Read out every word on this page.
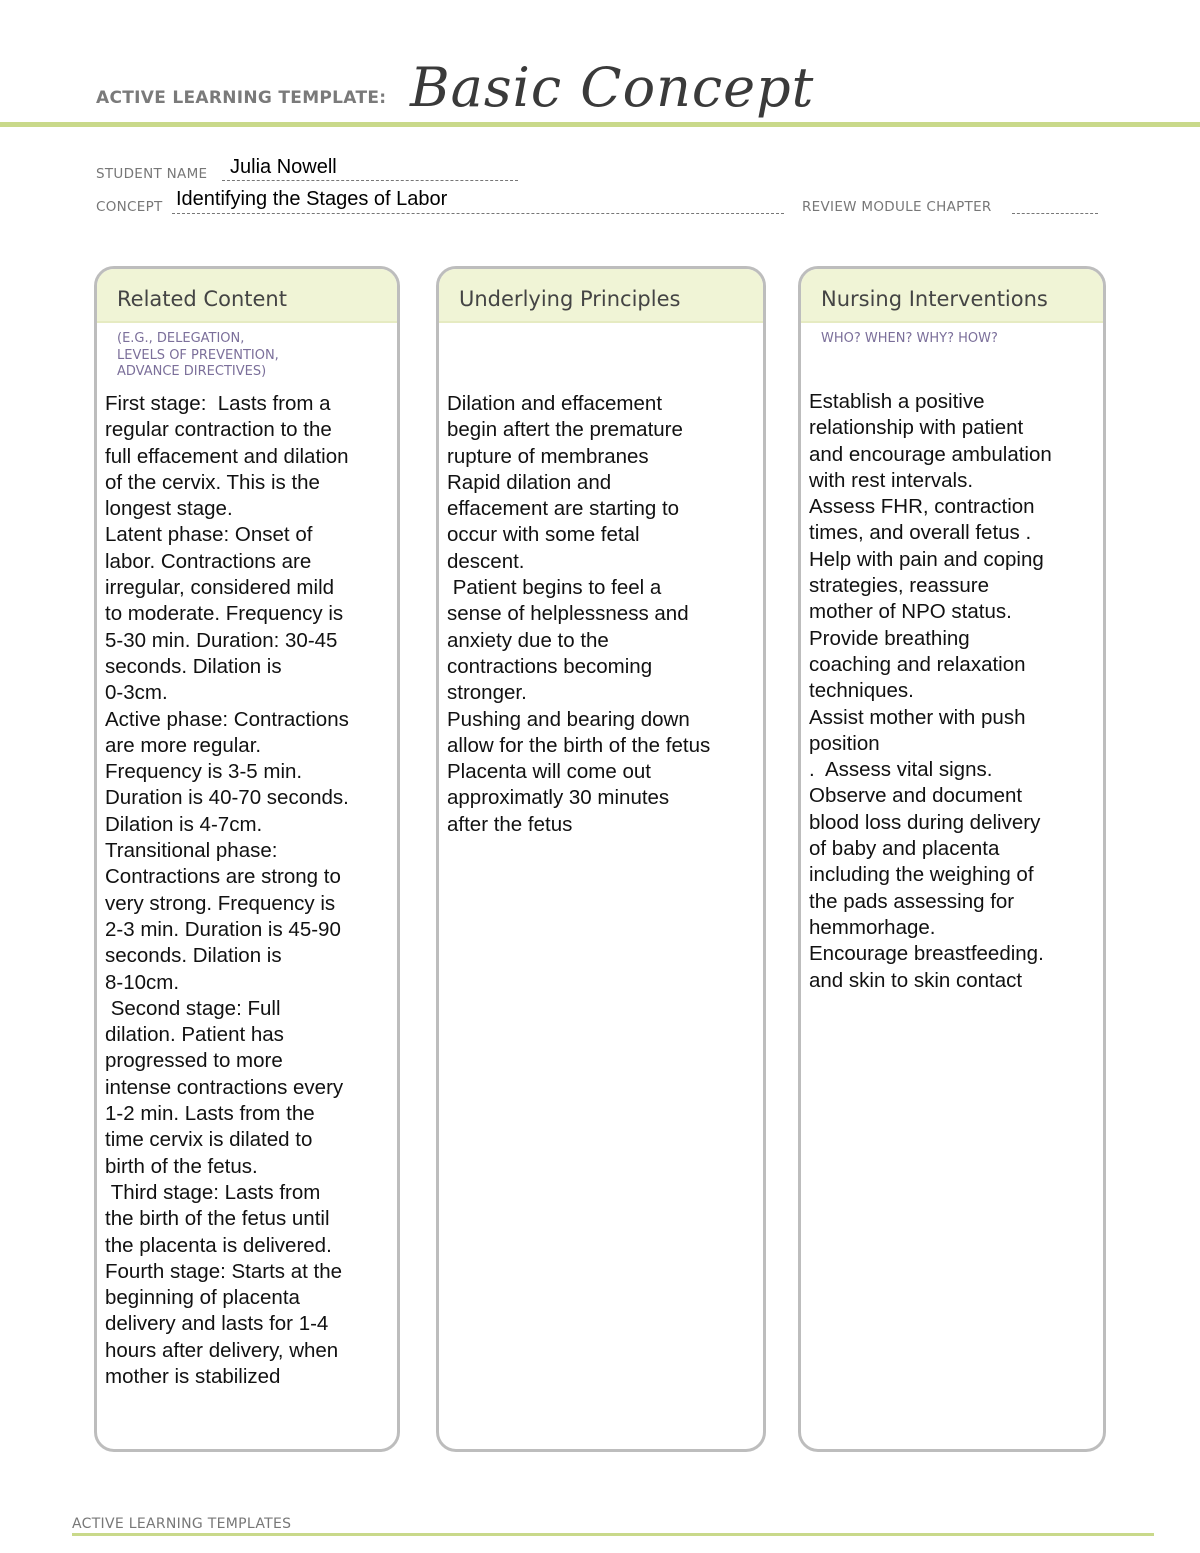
ACTIVE LEARNING TEMPLATE: Basic Concept
STUDENT NAME Julia Nowell
CONCEPT Identifying the Stages of Labor	REVIEW MODULE CHAPTER
Related Content
(E.G., DELEGATION,
LEVELS OF PREVENTION,
ADVANCE DIRECTIVES)
First stage:  Lasts from a
regular contraction to the
full effacement and dilation
of the cervix. This is the
longest stage.
Latent phase: Onset of
labor. Contractions are
irregular, considered mild
to moderate. Frequency is
5-30 min. Duration: 30-45
seconds. Dilation is
0-3cm.
Active phase: Contractions
are more regular.
Frequency is 3-5 min.
Duration is 40-70 seconds.
Dilation is 4-7cm.
Transitional phase:
Contractions are strong to
very strong. Frequency is
2-3 min. Duration is 45-90
seconds. Dilation is
8-10cm.
Second stage: Full
dilation. Patient has
progressed to more
intense contractions every
1-2 min. Lasts from the
time cervix is dilated to
birth of the fetus.
Third stage: Lasts from
the birth of the fetus until
the placenta is delivered.
Fourth stage: Starts at the
beginning of placenta
delivery and lasts for 1-4
hours after delivery, when
mother is stabilized
Underlying Principles
Dilation and effacement
begin aftert the premature
rupture of membranes
Rapid dilation and
effacement are starting to
occur with some fetal
descent.
Patient begins to feel a
sense of helplessness and
anxiety due to the
contractions becoming
stronger.
Pushing and bearing down
allow for the birth of the fetus
Placenta will come out
approximatly 30 minutes
after the fetus
Nursing Interventions
WHO? WHEN? WHY? HOW?
Establish a positive
relationship with patient
and encourage ambulation
with rest intervals.
Assess FHR, contraction
times, and overall fetus .
Help with pain and coping
strategies, reassure
mother of NPO status.
Provide breathing
coaching and relaxation
techniques.
Assist mother with push
position
.  Assess vital signs.
Observe and document
blood loss during delivery
of baby and placenta
including the weighing of
the pads assessing for
hemmorhage.
Encourage breastfeeding.
and skin to skin contact
ACTIVE LEARNING TEMPLATES
